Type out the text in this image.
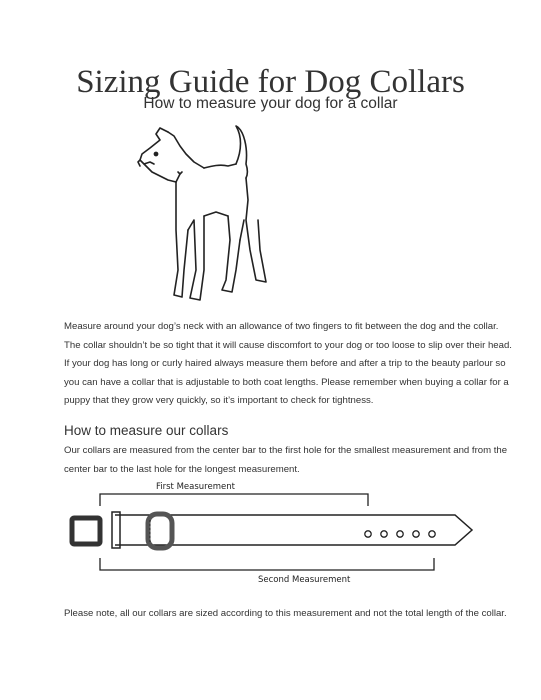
Sizing Guide for Dog Collars
How to measure your dog for a collar

Measure around your dog’s neck with an allowance of two fingers to fit between the dog and the collar.

The collar shouldn’t be so tight that it will cause discomfort to your dog or too loose to slip over their head.

If your dog has long or curly haired always measure them before and after a trip to the beauty parlour so

you can have a collar that is adjustable to both coat lengths. Please remember when buying a collar for a

puppy that they grow very quickly, so it’s important to check for tightness.

How to measure our collars

Our collars are measured from the center bar to the first hole for the smallest measurement and from the

center bar to the last hole for the longest measurement.

First Measurement
Second Measurement
Please note, all our collars are sized according to this measurement and not the total length of the collar.
